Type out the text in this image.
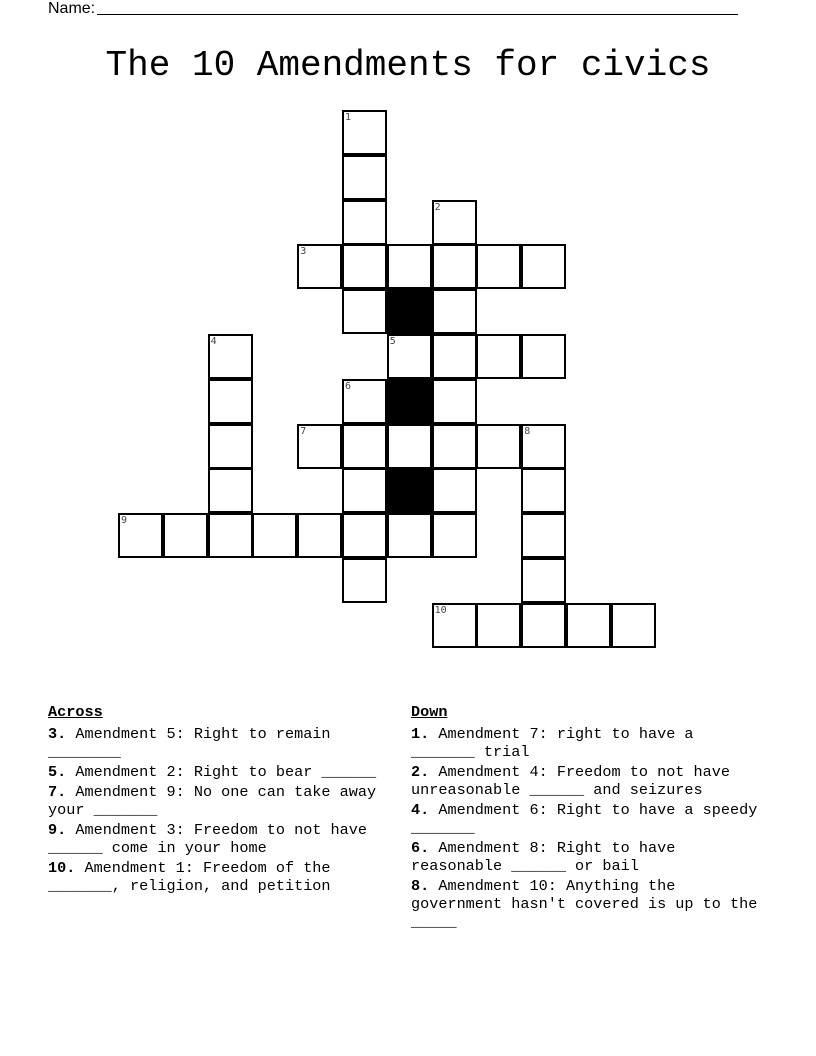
Name:
The 10 Amendments for civics
1
2
3
4	5
6
7	8
9
10
Across
3. Amendment 5: Right to remain ________
5. Amendment 2: Right to bear ______
7. Amendment 9: No one can take away your _______
9. Amendment 3: Freedom to not have ______ come in your home
10. Amendment 1: Freedom of the _______, religion, and petition
Down
1. Amendment 7: right to have a _______ trial
2. Amendment 4: Freedom to not have unreasonable ______ and seizures
4. Amendment 6: Right to have a speedy _______
6. Amendment 8: Right to have reasonable ______ or bail
8. Amendment 10: Anything the government hasn't covered is up to the _____
